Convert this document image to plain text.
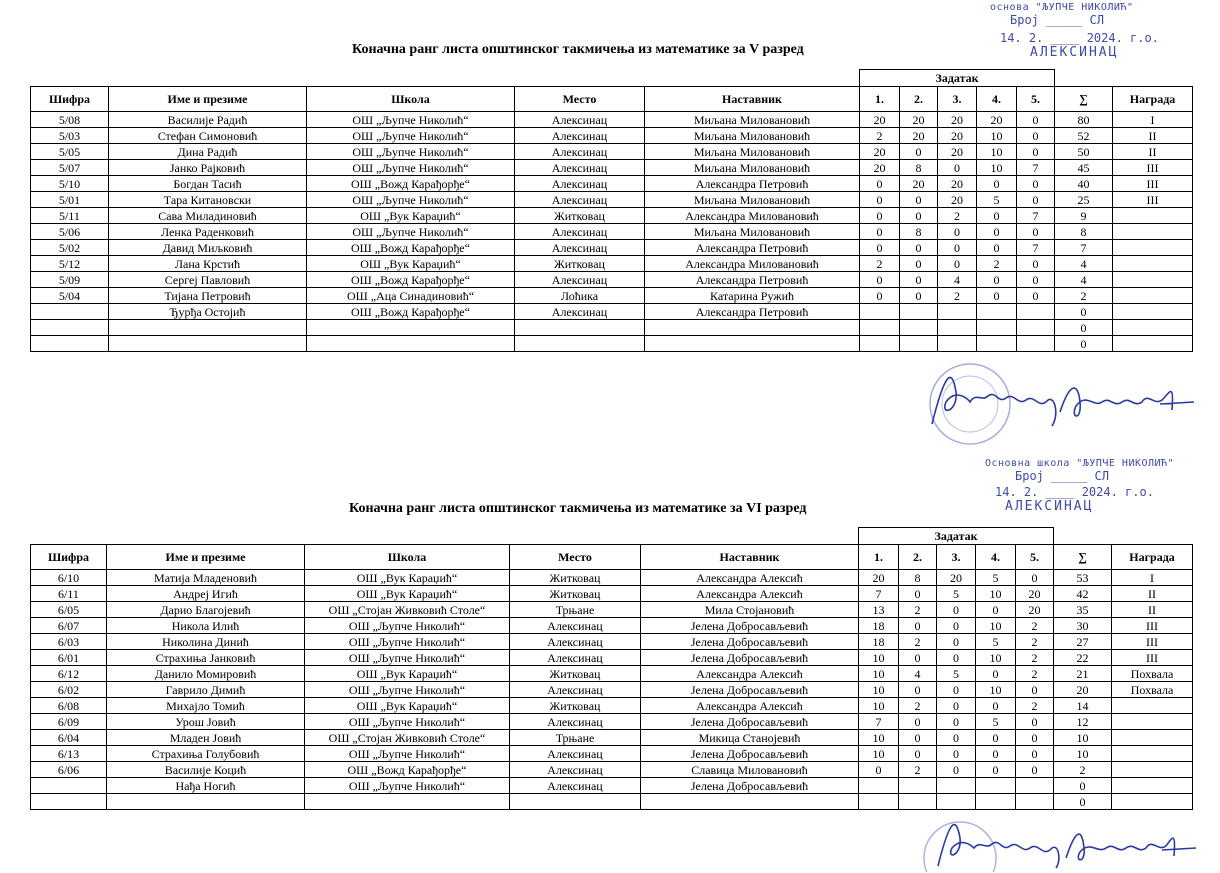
основа "ЉУПЧЕ НИКОЛИЋ"
Број _____ СЛ
14. 2. ____ 2024. г.о.
АЛЕКСИНАЦ
Коначна ранг листа општинског такмичења из математике за V разред
					Задатак						
Шифра	Име и презиме	Школа	Место	Наставник	1.	2.	3.	4.	5.	∑	Награда
5/08	Василије Радић	ОШ „Љупче Николић“	Алексинац	Миљана Миловановић	20	20	20	20	0	80	I
5/03	Стефан Симоновић	ОШ „Љупче Николић“	Алексинац	Миљана Миловановић	2	20	20	10	0	52	II
5/05	Дина Радић	ОШ „Љупче Николић“	Алексинац	Миљана Миловановић	20	0	20	10	0	50	II
5/07	Јанко Рајковић	ОШ „Љупче Николић“	Алексинац	Миљана Миловановић	20	8	0	10	7	45	III
5/10	Богдан Тасић	ОШ „Вожд Карађорђе“	Алексинац	Александра Петровић	0	20	20	0	0	40	III
5/01	Тара Китановски	ОШ „Љупче Николић“	Алексинац	Миљана Миловановић	0	0	20	5	0	25	III
5/11	Сава Миладиновић	ОШ „Вук Караџић“	Житковац	Александра Миловановић	0	0	2	0	7	9	
5/06	Ленка Раденковић	ОШ „Љупче Николић“	Алексинац	Миљана Миловановић	0	8	0	0	0	8	
5/02	Давид Миљковић	ОШ „Вожд Карађорђе“	Алексинац	Александра Петровић	0	0	0	0	7	7	
5/12	Лана Крстић	ОШ „Вук Караџић“	Житковац	Александра Миловановић	2	0	0	2	0	4	
5/09	Сергеј Павловић	ОШ „Вожд Карађорђе“	Алексинац	Александра Петровић	0	0	4	0	0	4	
5/04	Тијана Петровић	ОШ „Аца Синадиновић“	Лоћика	Катарина Ружић	0	0	2	0	0	2	
	Ђурђа Остојић	ОШ „Вожд Карађорђе“	Алексинац	Александра Петровић						0	
										0	
										0	
Основна школа "ЉУПЧЕ НИКОЛИЋ"
Број _____ СЛ
14. 2. ____ 2024. г.о.
АЛЕКСИНАЦ
Коначна ранг листа општинског такмичења из математике за VI разред
					Задатак						
Шифра	Име и презиме	Школа	Место	Наставник	1.	2.	3.	4.	5.	∑	Награда
6/10	Матија Младеновић	ОШ „Вук Караџић“	Житковац	Александра Алексић	20	8	20	5	0	53	I
6/11	Андреј Игић	ОШ „Вук Караџић“	Житковац	Александра Алексић	7	0	5	10	20	42	II
6/05	Дарио Благојевић	ОШ „Стојан Живковић Столе“	Трњане	Мила Стојановић	13	2	0	0	20	35	II
6/07	Никола Илић	ОШ „Љупче Николић“	Алексинац	Јелена Добросављевић	18	0	0	10	2	30	III
6/03	Николина Динић	ОШ „Љупче Николић“	Алексинац	Јелена Добросављевић	18	2	0	5	2	27	III
6/01	Страхиња Јанковић	ОШ „Љупче Николић“	Алексинац	Јелена Добросављевић	10	0	0	10	2	22	III
6/12	Данило Момировић	ОШ „Вук Караџић“	Житковац	Александра Алексић	10	4	5	0	2	21	Похвала
6/02	Гаврило Димић	ОШ „Љупче Николић“	Алексинац	Јелена Добросављевић	10	0	0	10	0	20	Похвала
6/08	Михајло Томић	ОШ „Вук Караџић“	Житковац	Александра Алексић	10	2	0	0	2	14	
6/09	Урош Јовић	ОШ „Љупче Николић“	Алексинац	Јелена Добросављевић	7	0	0	5	0	12	
6/04	Младен Јовић	ОШ „Стојан Живковић Столе“	Трњане	Микица Станојевић	10	0	0	0	0	10	
6/13	Страхиња Голубовић	ОШ „Љупче Николић“	Алексинац	Јелена Добросављевић	10	0	0	0	0	10	
6/06	Василије Коцић	ОШ „Вожд Карађорђе“	Алексинац	Славица Миловановић	0	2	0	0	0	2	
	Нађа Ногић	ОШ „Љупче Николић“	Алексинац	Јелена Добросављевић						0	
										0	
